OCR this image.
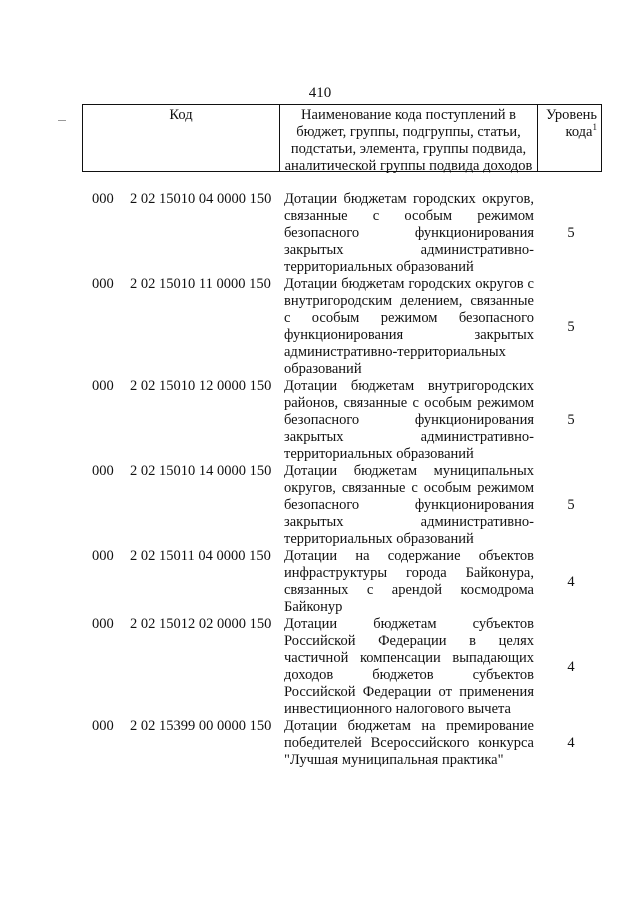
410
Код	Наименование кода поступлений в бюджет, группы, подгруппы, статьи, подстатьи, элемента, группы подвида, аналитической группы подвида доходов
Уровень кода$^1$
000 2 02 15010 04 0000 150 Дотации бюджетам городских округов, связанные с особым режимом безопасного функционирования закрытых административно-территориальных образований
5
000 2 02 15010 11 0000 150 Дотации бюджетам городских округов с внутригородским делением, связанные с особым режимом безопасного функционирования закрытых административно-территориальных образований
5
000 2 02 15010 12 0000 150 Дотации бюджетам внутригородских районов, связанные с особым режимом безопасного функционирования закрытых административно-территориальных образований
5
000 2 02 15010 14 0000 150 Дотации бюджетам муниципальных округов, связанные с особым режимом безопасного функционирования закрытых административно-территориальных образований
5
000 2 02 15011 04 0000 150 Дотации на содержание объектов инфраструктуры города Байконура, связанных с арендой космодрома Байконур
4
000 2 02 15012 02 0000 150 Дотации бюджетам субъектов Российской Федерации в целях частичной компенсации выпадающих доходов бюджетов субъектов Российской Федерации от применения инвестиционного налогового вычета
4
000 2 02 15399 00 0000 150 Дотации бюджетам на премирование победителей Всероссийского конкурса "Лучшая муниципальная практика"
4
